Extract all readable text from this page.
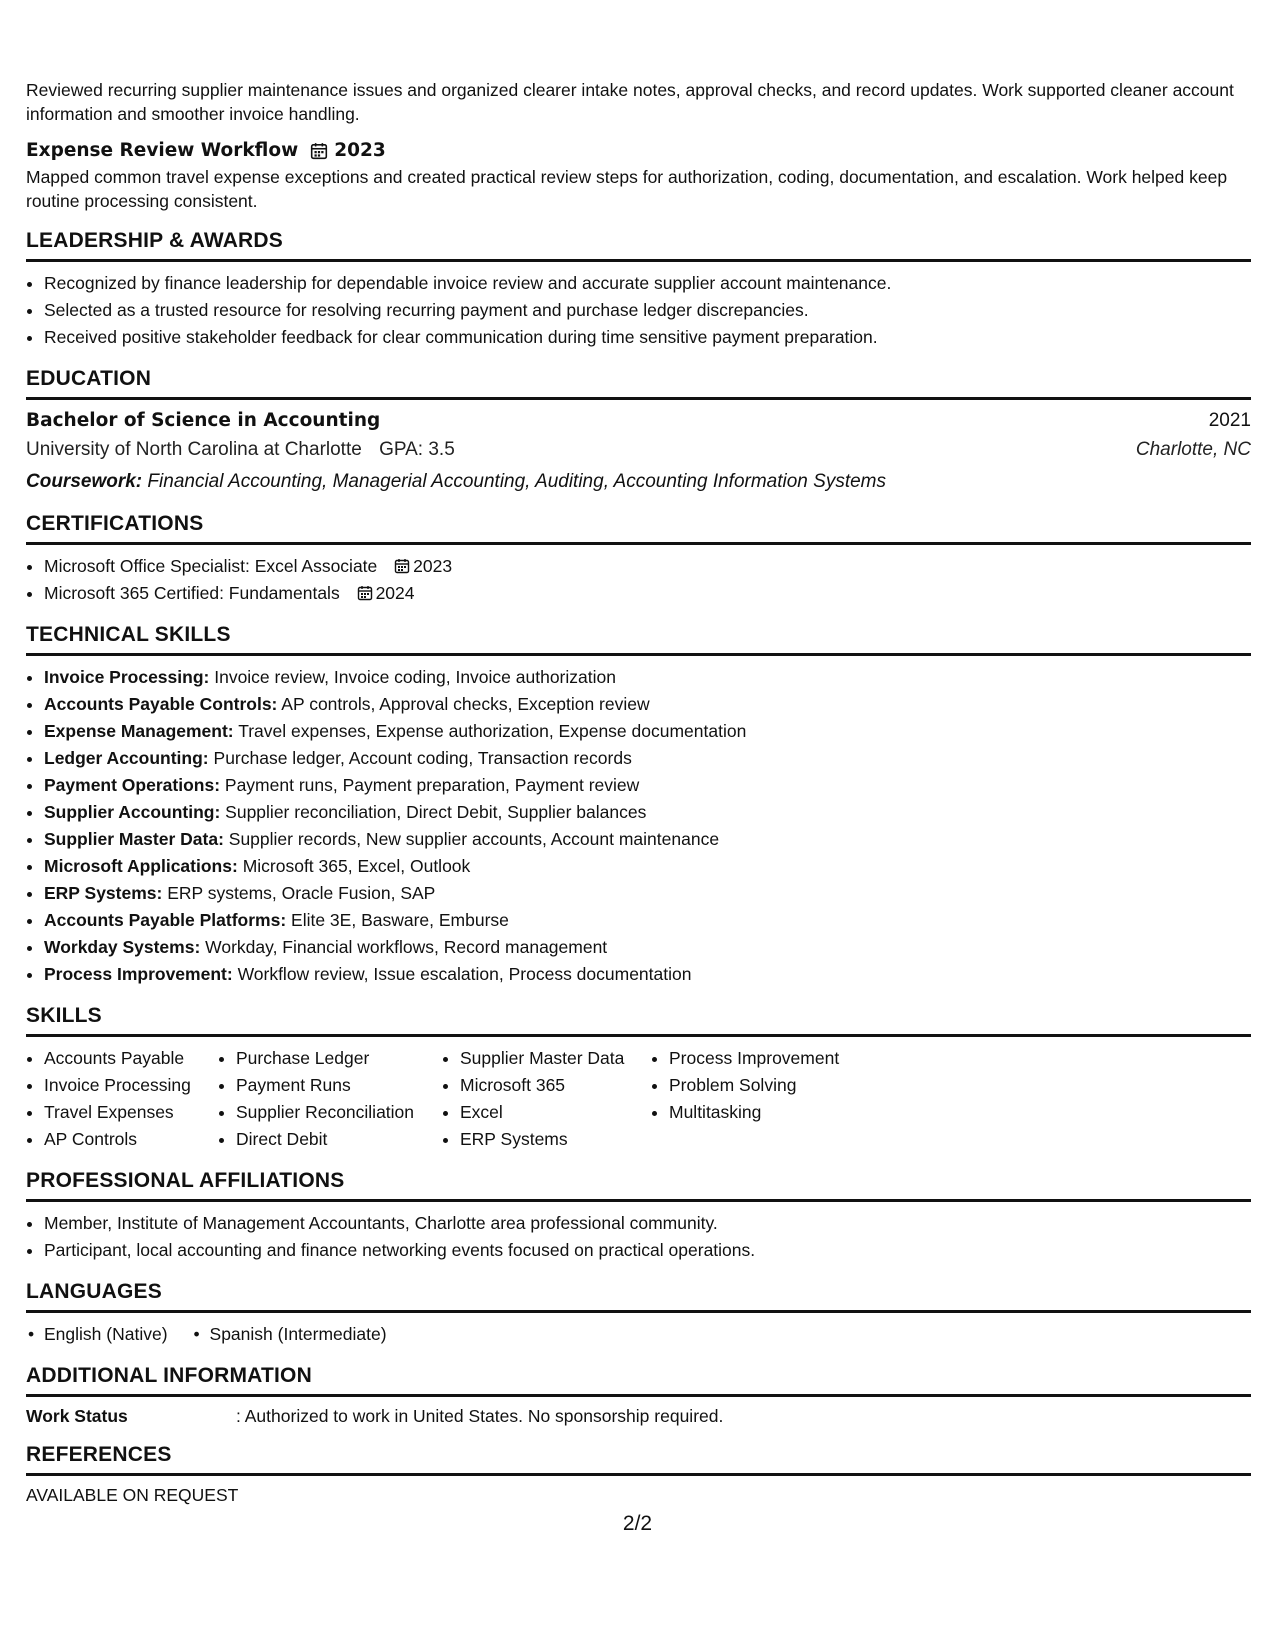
Reviewed recurring supplier maintenance issues and organized clearer intake notes, approval checks, and record updates. Work supported cleaner account information and smoother invoice handling.

Expense Review Workflow 2023

Mapped common travel expense exceptions and created practical review steps for authorization, coding, documentation, and escalation. Work helped keep routine processing consistent.

LEADERSHIP & AWARDS
• Recognized by finance leadership for dependable invoice review and accurate supplier account maintenance.
• Selected as a trusted resource for resolving recurring payment and purchase ledger discrepancies.
• Received positive stakeholder feedback for clear communication during time sensitive payment preparation.
EDUCATION
Bachelor of Science in Accounting	2021
University of North Carolina at Charlotte GPA: 3.5	Charlotte, NC
Coursework: Financial Accounting, Managerial Accounting, Auditing, Accounting Information Systems
CERTIFICATIONS
• Microsoft Office Specialist: Excel Associate 2023
• Microsoft 365 Certified: Fundamentals 2024
TECHNICAL SKILLS
• Invoice Processing: Invoice review, Invoice coding, Invoice authorization
• Accounts Payable Controls: AP controls, Approval checks, Exception review
• Expense Management: Travel expenses, Expense authorization, Expense documentation
• Ledger Accounting: Purchase ledger, Account coding, Transaction records
• Payment Operations: Payment runs, Payment preparation, Payment review
• Supplier Accounting: Supplier reconciliation, Direct Debit, Supplier balances
• Supplier Master Data: Supplier records, New supplier accounts, Account maintenance
• Microsoft Applications: Microsoft 365, Excel, Outlook
• ERP Systems: ERP systems, Oracle Fusion, SAP
• Accounts Payable Platforms: Elite 3E, Basware, Emburse
• Workday Systems: Workday, Financial workflows, Record management
• Process Improvement: Workflow review, Issue escalation, Process documentation
SKILLS
• Accounts Payable
• Invoice Processing
• Travel Expenses
• AP Controls
• Purchase Ledger
• Payment Runs
• Supplier Reconciliation
• Direct Debit
• Supplier Master Data
• Microsoft 365
• Excel
• ERP Systems
• Process Improvement
• Problem Solving
• Multitasking
PROFESSIONAL AFFILIATIONS
• Member, Institute of Management Accountants, Charlotte area professional community.
• Participant, local accounting and finance networking events focused on practical operations.
LANGUAGES
• English (Native)
•	Spanish (Intermediate)
ADDITIONAL INFORMATION
Work Status	: Authorized to work in United States. No sponsorship required.
REFERENCES
AVAILABLE ON REQUEST
2/2
